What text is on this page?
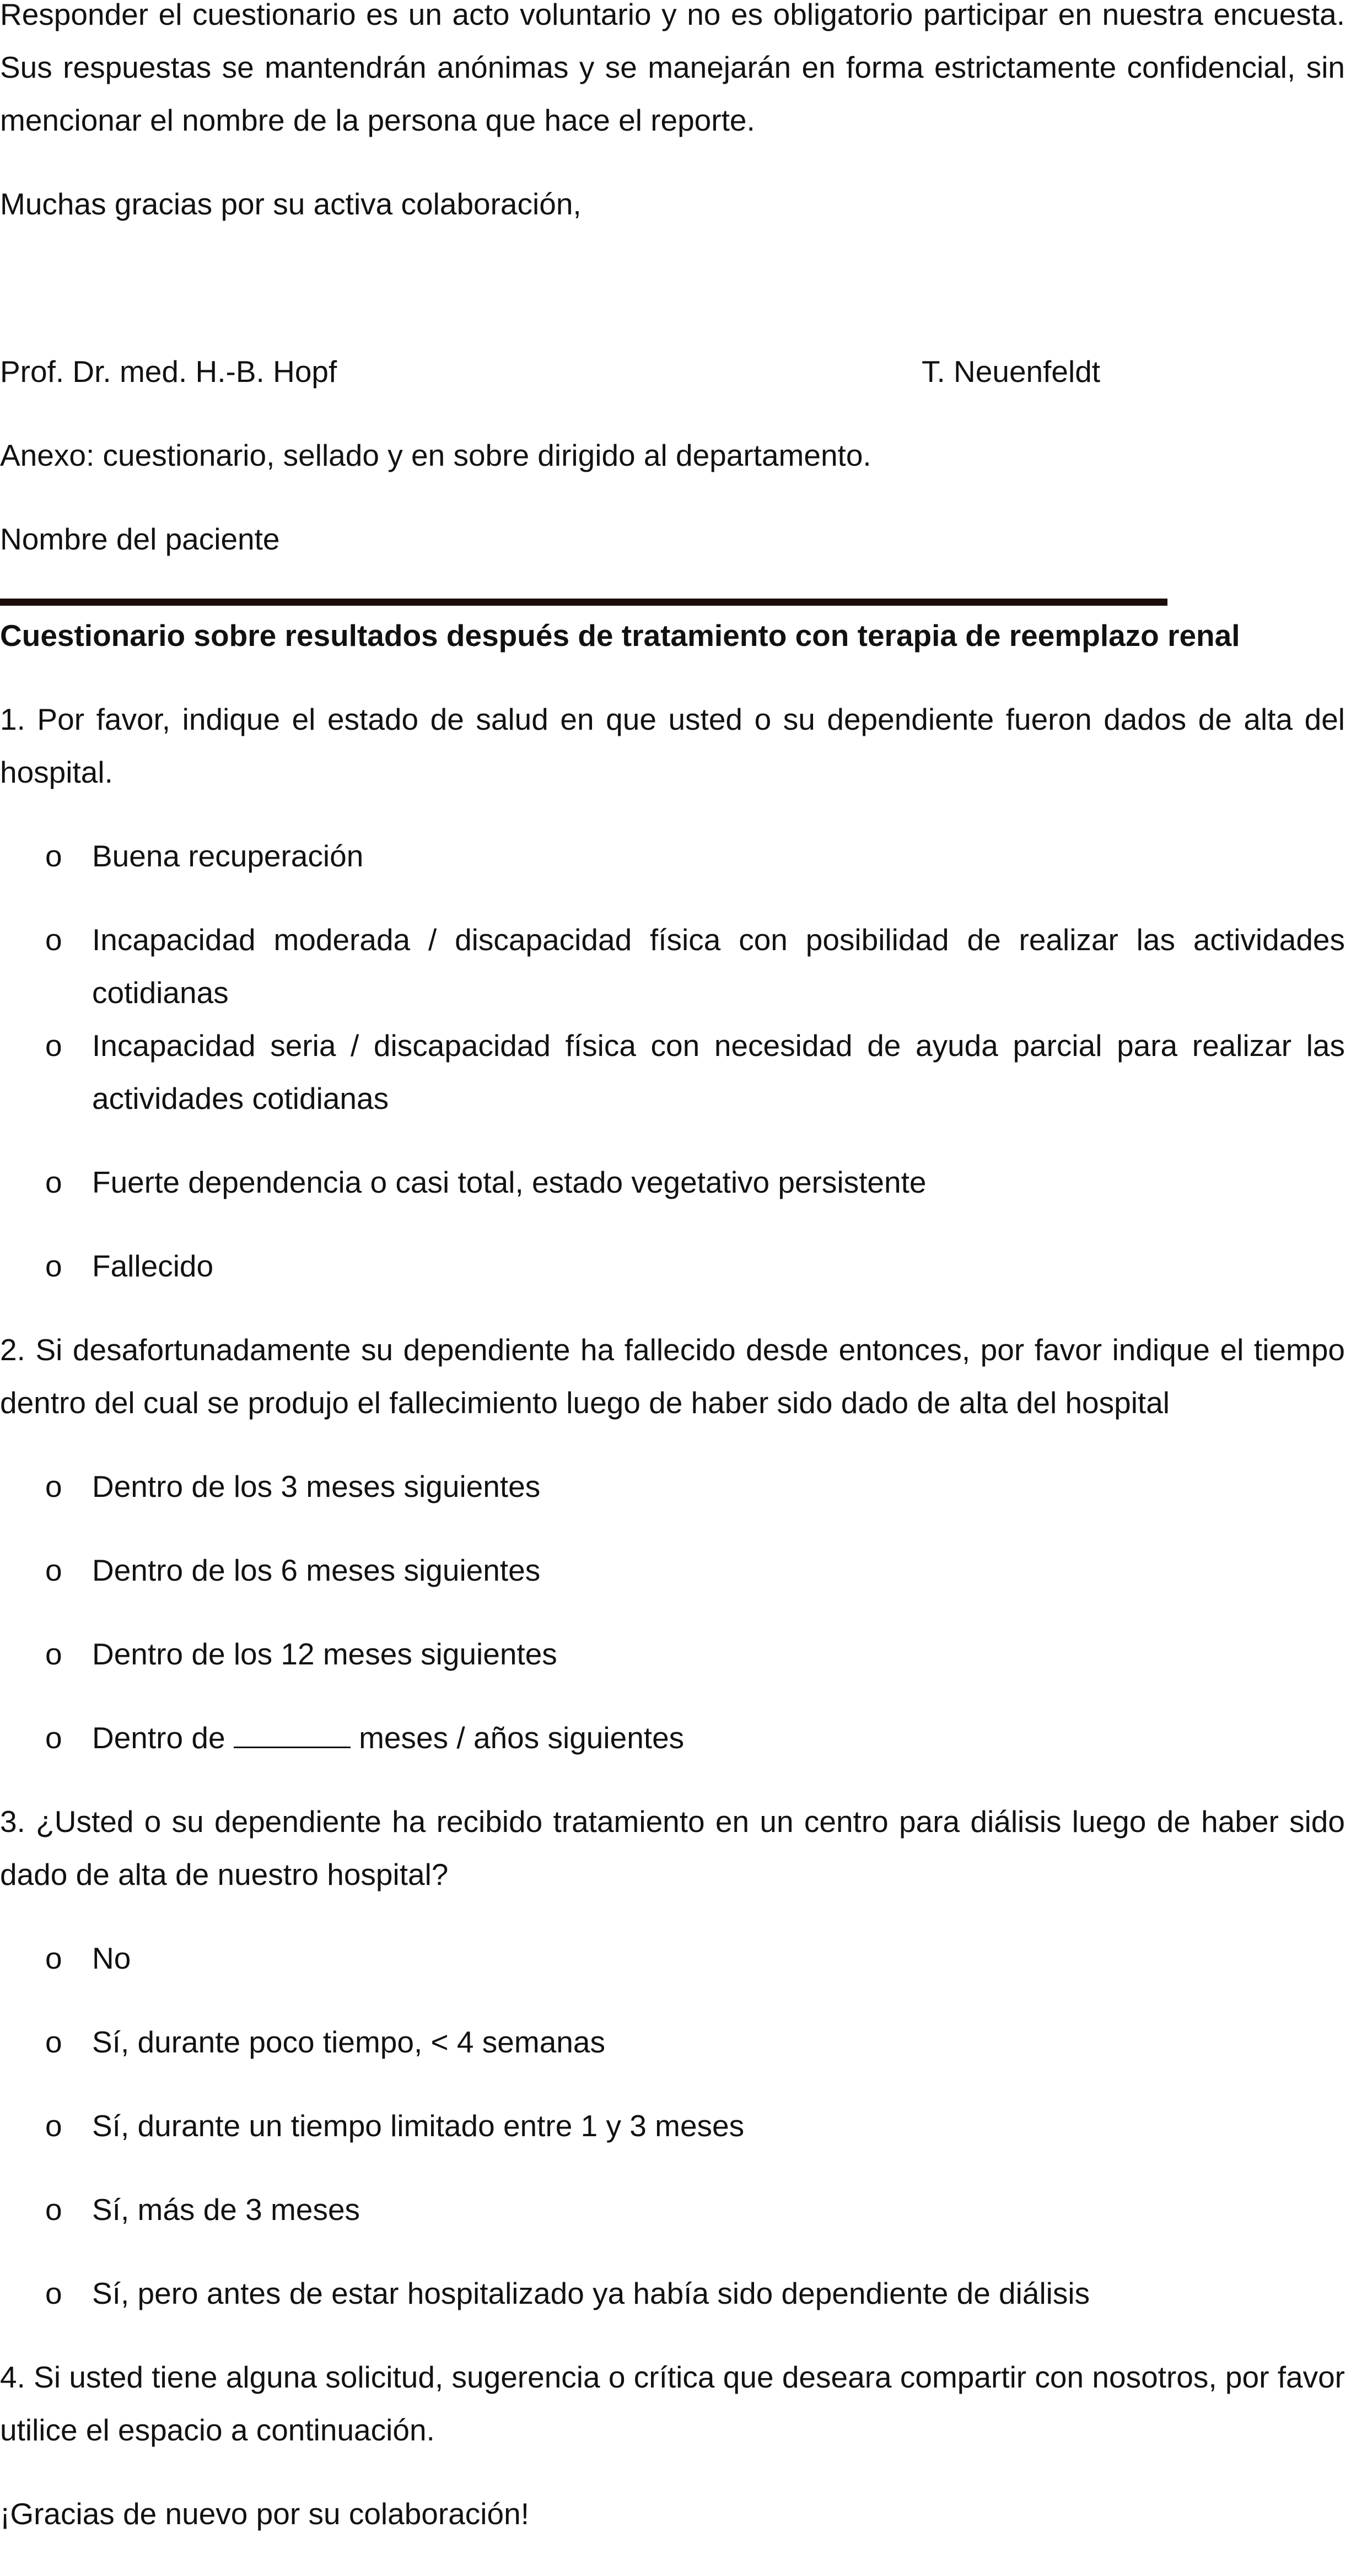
Responder el cuestionario es un acto voluntario y no es obligatorio participar en nuestra encuesta. Sus respuestas se mantendrán anónimas y se manejarán en forma estrictamente confidencial, sin mencionar el nombre de la persona que hace el reporte.

Muchas gracias por su activa colaboración,

Prof. Dr. med. H.-B. Hopf	T. Neuenfeldt

Anexo: cuestionario, sellado y en sobre dirigido al departamento.

Nombre del paciente

Cuestionario sobre resultados después de tratamiento con terapia de reemplazo renal

1. Por favor, indique el estado de salud en que usted o su dependiente fueron dados de alta del hospital.

o Buena recuperación
o Incapacidad moderada / discapacidad física con posibilidad de realizar las actividades cotidianas

o Incapacidad seria / discapacidad física con necesidad de ayuda parcial para realizar las actividades cotidianas

o Fuerte dependencia o casi total, estado vegetativo persistente
o Fallecido

2. Si desafortunadamente su dependiente ha fallecido desde entonces, por favor indique el tiempo dentro del cual se produjo el fallecimiento luego de haber sido dado de alta del hospital

o Dentro de los 3 meses siguientes
o Dentro de los 6 meses siguientes
o Dentro de los 12 meses siguientes
o Dentro de	meses / años siguientes

3. ¿Usted o su dependiente ha recibido tratamiento en un centro para diálisis luego de haber sido dado de alta de nuestro hospital?

o No
o Sí, durante poco tiempo, < 4 semanas
o Sí, durante un tiempo limitado entre 1 y 3 meses
o Sí, más de 3 meses
o Sí, pero antes de estar hospitalizado ya había sido dependiente de diálisis

4. Si usted tiene alguna solicitud, sugerencia o crítica que deseara compartir con nosotros, por favor utilice el espacio a continuación.

¡Gracias de nuevo por su colaboración!
